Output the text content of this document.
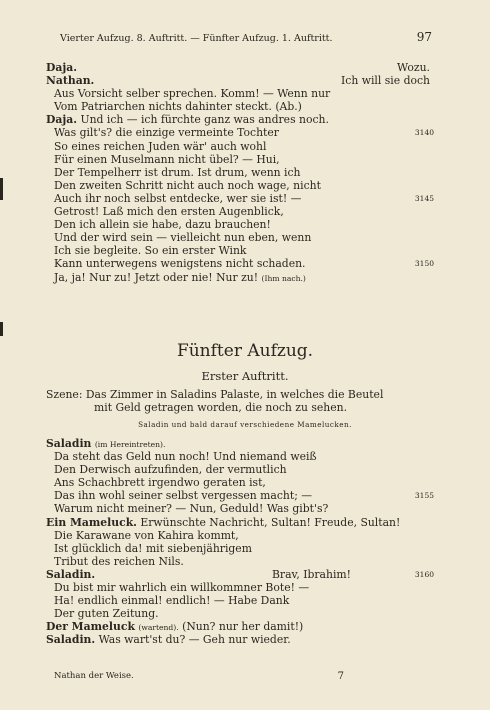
Vierter Aufzug. 8. Auftritt. — Fünfter Aufzug. 1. Auftritt.	97
Daja.	Wozu.
Nathan.	Ich will sie doch
Aus Vorsicht selber sprechen. Komm! — Wenn nur
Vom Patriarchen nichts dahinter steckt. (Ab.)
Daja. Und ich — ich fürchte ganz was andres noch.
Was gilt's? die einzige vermeinte Tochter	3140
So eines reichen Juden wär' auch wohl
Für einen Muselmann nicht übel? — Hui,
Der Tempelherr ist drum. Ist drum, wenn ich
Den zweiten Schritt nicht auch noch wage, nicht
Auch ihr noch selbst entdecke, wer sie ist! —	3145
Getrost! Laß mich den ersten Augenblick,
Den ich allein sie habe, dazu brauchen!
Und der wird sein — vielleicht nun eben, wenn
Ich sie begleite. So ein erster Wink
Kann unterwegens wenigstens nicht schaden.	3150
Ja, ja! Nur zu! Jetzt oder nie! Nur zu! (Ihm nach.)
Fünfter Aufzug.
Erster Auftritt.
Szene: Das Zimmer in Saladins Palaste, in welches die Beutel
mit Geld getragen worden, die noch zu sehen.
Saladin und bald darauf verschiedene Mamelucken.
Saladin (im Hereintreten).
Da steht das Geld nun noch! Und niemand weiß
Den Derwisch aufzufinden, der vermutlich
Ans Schachbrett irgendwo geraten ist,
Das ihn wohl seiner selbst vergessen macht; —	3155
Warum nicht meiner? — Nun, Geduld! Was gibt's?
Ein Mameluck. Erwünschte Nachricht, Sultan! Freude, Sultan!
Die Karawane von Kahira kommt,
Ist glücklich da! mit siebenjährigem
Tribut des reichen Nils.
Saladin.	Brav, Ibrahim!	3160
Du bist mir wahrlich ein willkommner Bote! —
Ha! endlich einmal! endlich! — Habe Dank
Der guten Zeitung.
Der Mameluck (wartend). (Nun? nur her damit!)
Saladin. Was wart'st du? — Geh nur wieder.
Nathan der Weise.	7
